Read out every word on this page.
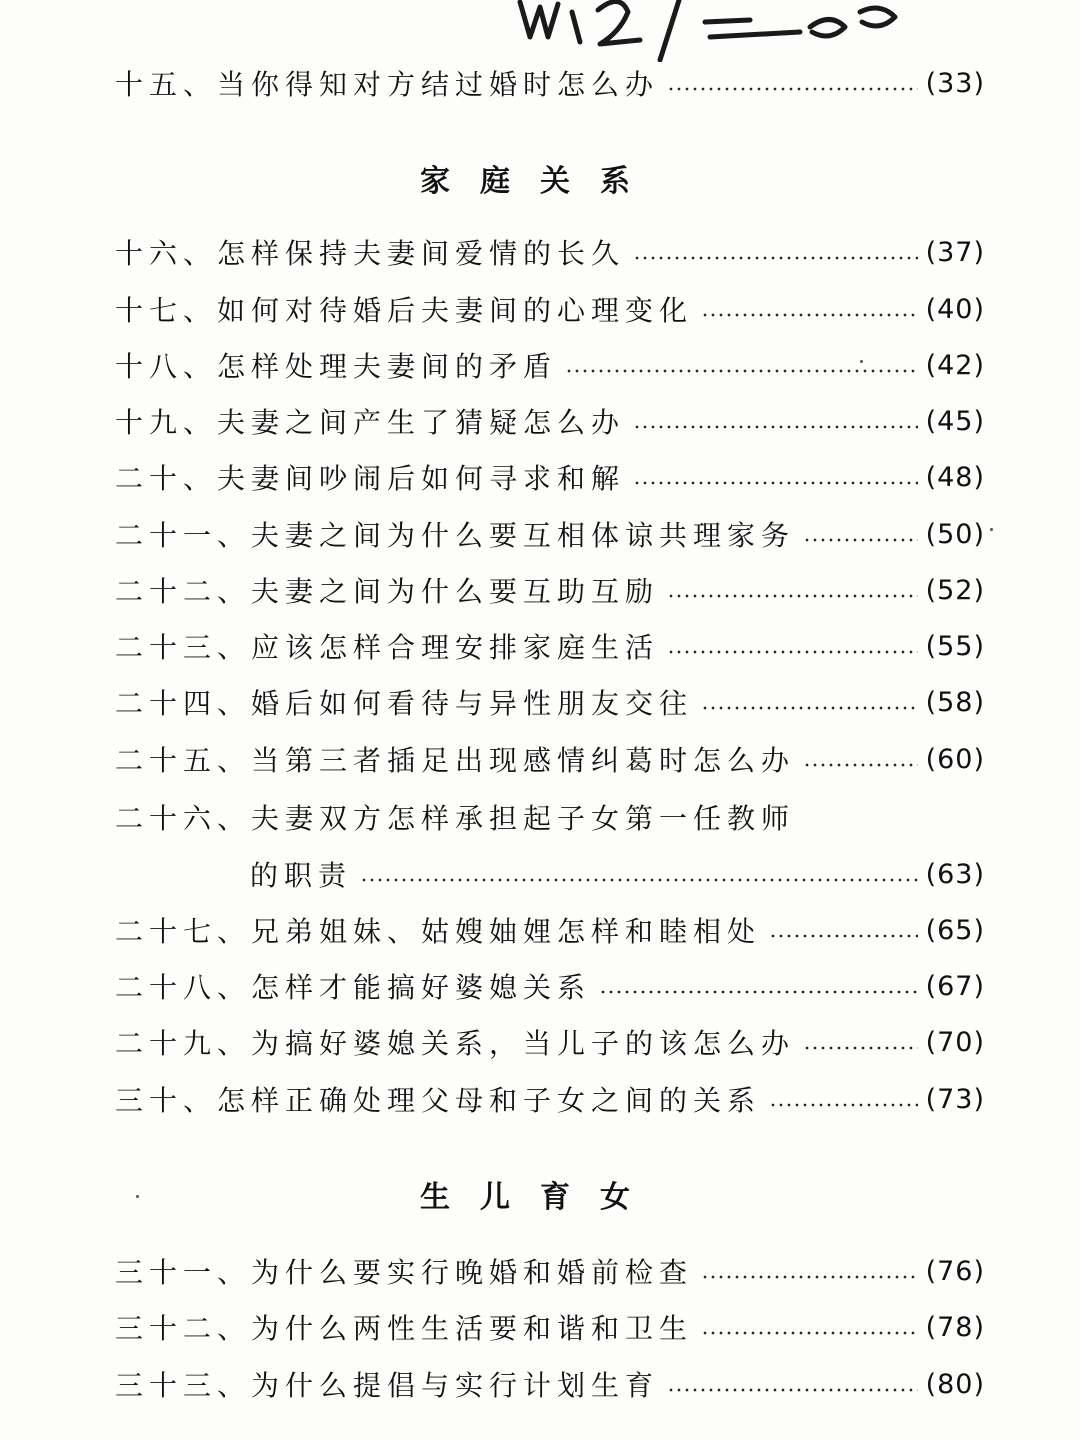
十五、 当你得知对方结过婚时怎么办	(33)
家庭关系
十六、 怎样保持夫妻间爱情的长久	(37)
十七、 如何对待婚后夫妻间的心理变化	(40)
十八、 怎样处理夫妻间的矛盾	(42)
十九、 夫妻之间产生了猜疑怎么办	(45)
二十、 夫妻间吵闹后如何寻求和解	(48)
二十一、 夫妻之间为什么要互相体谅共理家务	(50)
二十二、 夫妻之间为什么要互助互励	(52)
二十三、 应该怎样合理安排家庭生活	(55)
二十四、 婚后如何看待与异性朋友交往	(58)
二十五、 当第三者插足出现感情纠葛时怎么办	(60)
二十六、 夫妻双方怎样承担起子女第一任教师
的职责	(63)
二十七、 兄弟姐妹、姑嫂妯娌怎样和睦相处	(65)
二十八、 怎样才能搞好婆媳关系	(67)
二十九、 为搞好婆媳关系，当儿子的该怎么办	(70)
三十、 怎样正确处理父母和子女之间的关系	(73)
生儿育女
三十一、 为什么要实行晚婚和婚前检查	(76)
三十二、 为什么两性生活要和谐和卫生	(78)
三十三、 为什么提倡与实行计划生育	(80)
